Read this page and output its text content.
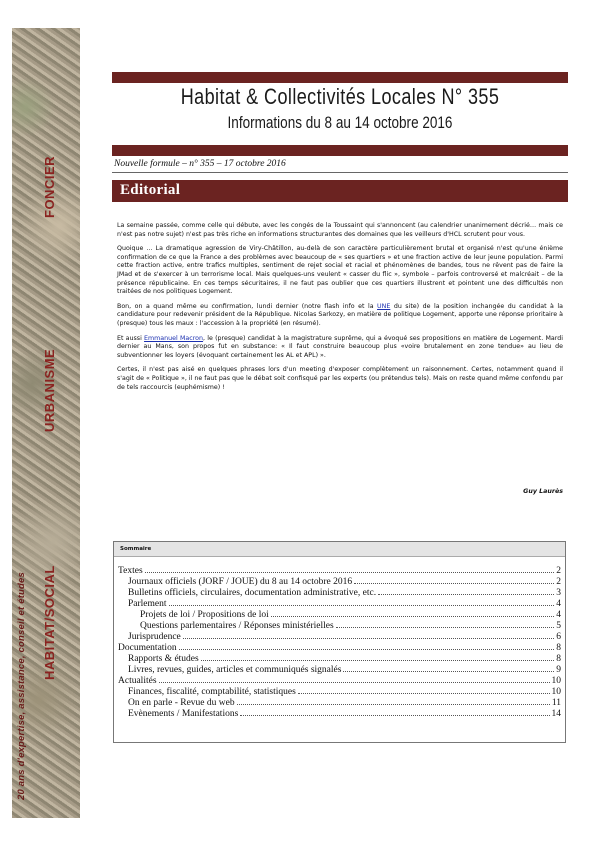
FONCIER
URBANISME
HABITAT/SOCIAL
20 ans d'expertise, assistance, conseil et études
Habitat & Collectivités Locales N° 355
Informations du 8 au 14 octobre 2016
Nouvelle formule – n° 355 – 17 octobre 2016
Editorial

La semaine passée, comme celle qui débute, avec les congés de la Toussaint qui s'annoncent (au calendrier unanimement décrié… mais ce n'est pas notre sujet) n'est pas très riche en informations structurantes des domaines que les veilleurs d'HCL scrutent pour vous.

Quoique … La dramatique agression de Viry-Châtillon, au-delà de son caractère particulièrement brutal et organisé n'est qu'une énième confirmation de ce que la France a des problèmes avec beaucoup de « ses quartiers » et une fraction active de leur jeune population. Parmi cette fraction active, entre trafics multiples, sentiment de rejet social et racial et phénomènes de bandes, tous ne rêvent pas de faire la JMad et de s'exercer à un terrorisme local. Mais quelques-uns veulent « casser du flic », symbole – parfois controversé et malcréait – de la présence républicaine. En ces temps sécuritaires, il ne faut pas oublier que ces quartiers illustrent et pointent une des difficultés non traitées de nos politiques Logement.

Bon, on a quand même eu confirmation, lundi dernier (notre flash info et la UNE du site) de la position inchangée du candidat à la candidature pour redevenir président de la République. Nicolas Sarkozy, en matière de politique Logement, apporte une réponse prioritaire à (presque) tous les maux : l'accession à la propriété (en résumé).

Et aussi Emmanuel Macron, le (presque) candidat à la magistrature suprême, qui a évoqué ses propositions en matière de Logement. Mardi dernier au Mans, son propos fut en substance: « Il faut construire beaucoup plus «voire brutalement en zone tendue» au lieu de subventionner les loyers (évoquant certainement les AL et APL) ».

Certes, il n'est pas aisé en quelques phrases lors d'un meeting d'exposer complètement un raisonnement. Certes, notamment quand il s'agit de « Politique », il ne faut pas que le débat soit confisqué par les experts (ou prétendus tels). Mais on reste quand même confondu par de tels raccourcis (euphémisme) !

Guy Laurès
Sommaire
Textes	2
Journaux officiels (JORF / JOUE) du 8 au 14 octobre 2016	2
Bulletins officiels, circulaires, documentation administrative, etc.	3
Parlement	4
Projets de loi / Propositions de loi	4
Questions parlementaires / Réponses ministérielles	5
Jurisprudence	6
Documentation	8
Rapports & études	8
Livres, revues, guides, articles et communiqués signalés	9
Actualités	10
Finances, fiscalité, comptabilité, statistiques	10
On en parle - Revue du web	11
Evènements / Manifestations	14
